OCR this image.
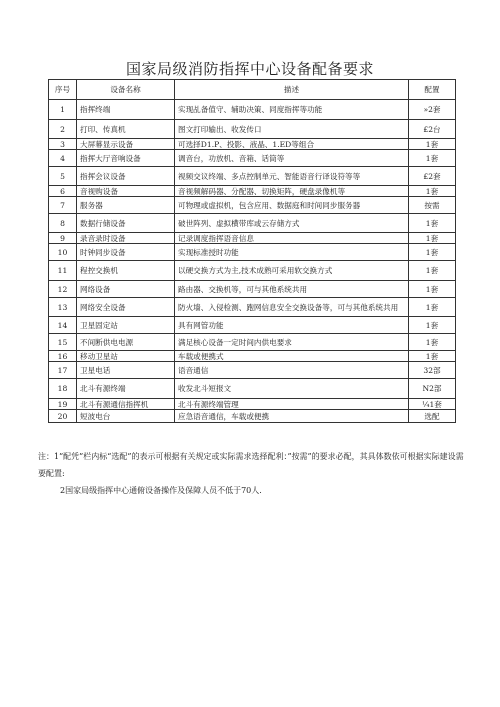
国家局级消防指挥中心设备配备要求
序号	设备名称	描述	配置
1	指挥终端	实现乩备值守、辅助决策、同度指挥等功能	»2套
2	打印、传真机	图文打印输出、收发传口	£2台
3	大屏幕显示设备	可选择D1.P、投影、液晶、1.ED等组合	1套
4	指挥大厅音响设备	调音台，功放机、音箱、话筒等	1套
5	指挥会议设备	视频交议终端、多点控制单元、智能语音行译设符等等	£2套
6	音视购设备	音视频解码器、分配器、切换矩阵，硬盘录像机等	1套
7	服务器	可物理或虚拟机，包含应用、数据庭和时间同步服务器	按需
8	数据行储设备	破世阵列、虚拟横带库或云存储方式	1套
9	录音录时设备	记录调度指挥语音信息	1套
10	时钟同步设备	实现标准授时功能	1套
11	程控交换机	以硬交换方式为主,技术成熟可采用软交换方式	1套
12	网络设备	路由器、交换机等，可与其他系统共用	1套
13	网络安全设备	防火墙、入侵检测、跑网信息安全交换设备等，可与其他系统共用	1套
14	卫星固定站	具有网管功能	1套
15	不间断供电电源	满足核心设备一定时间内供电要求	1套
16	移动卫星站	车载或便携式	1套
17	卫星电话	语音通信	32部
18	北斗有源终端	收发北斗短报文	N2部
19	北斗有源通信指挥机	北斗有源终端管理	¼1套
20	短波电台	应急语音通信，车载或便携	选配

注：1”配凭”栏内标“选配”的表示可根据有关规定或实际需求选择配利：”按需”的要求必配，其具体数依可根据实际建设需要配置:

2国家局级指挥中心通俯设备操作及保障人员不低于70人.
